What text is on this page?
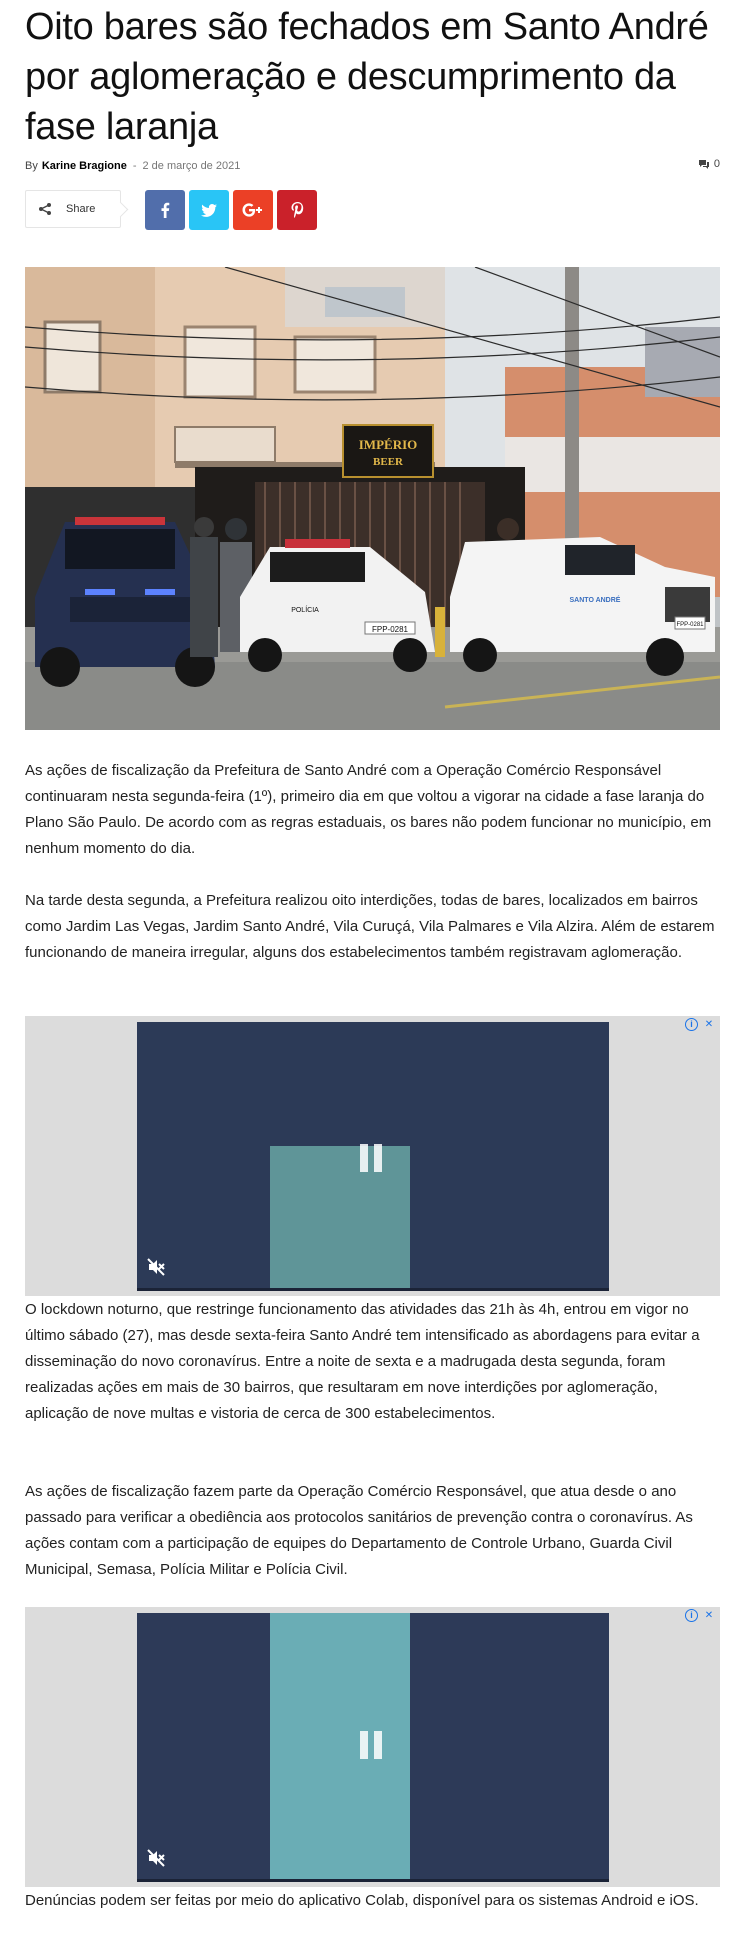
Oito bares são fechados em Santo André por aglomeração e descumprimento da fase laranja
By Karine Bragione - 2 de março de 2021	0
Share
IMPÉRIO
BEER
FPP-0281
POLÍCIA
FPP-0281
SANTO ANDRÉ

As ações de fiscalização da Prefeitura de Santo André com a Operação Comércio Responsável continuaram nesta segunda-feira (1º), primeiro dia em que voltou a vigorar na cidade a fase laranja do Plano São Paulo. De acordo com as regras estaduais, os bares não podem funcionar no município, em nenhum momento do dia.

Na tarde desta segunda, a Prefeitura realizou oito interdições, todas de bares, localizados em bairros como Jardim Las Vegas, Jardim Santo André, Vila Curuçá, Vila Palmares e Vila Alzira. Além de estarem funcionando de maneira irregular, alguns dos estabelecimentos também registravam aglomeração.

i	✕

O lockdown noturno, que restringe funcionamento das atividades das 21h às 4h, entrou em vigor no último sábado (27), mas desde sexta-feira Santo André tem intensificado as abordagens para evitar a disseminação do novo coronavírus. Entre a noite de sexta e a madrugada desta segunda, foram realizadas ações em mais de 30 bairros, que resultaram em nove interdições por aglomeração, aplicação de nove multas e vistoria de cerca de 300 estabelecimentos.

As ações de fiscalização fazem parte da Operação Comércio Responsável, que atua desde o ano passado para verificar a obediência aos protocolos sanitários de prevenção contra o coronavírus. As ações contam com a participação de equipes do Departamento de Controle Urbano, Guarda Civil Municipal, Semasa, Polícia Militar e Polícia Civil.

i	✕

Denúncias podem ser feitas por meio do aplicativo Colab, disponível para os sistemas Android e iOS.
